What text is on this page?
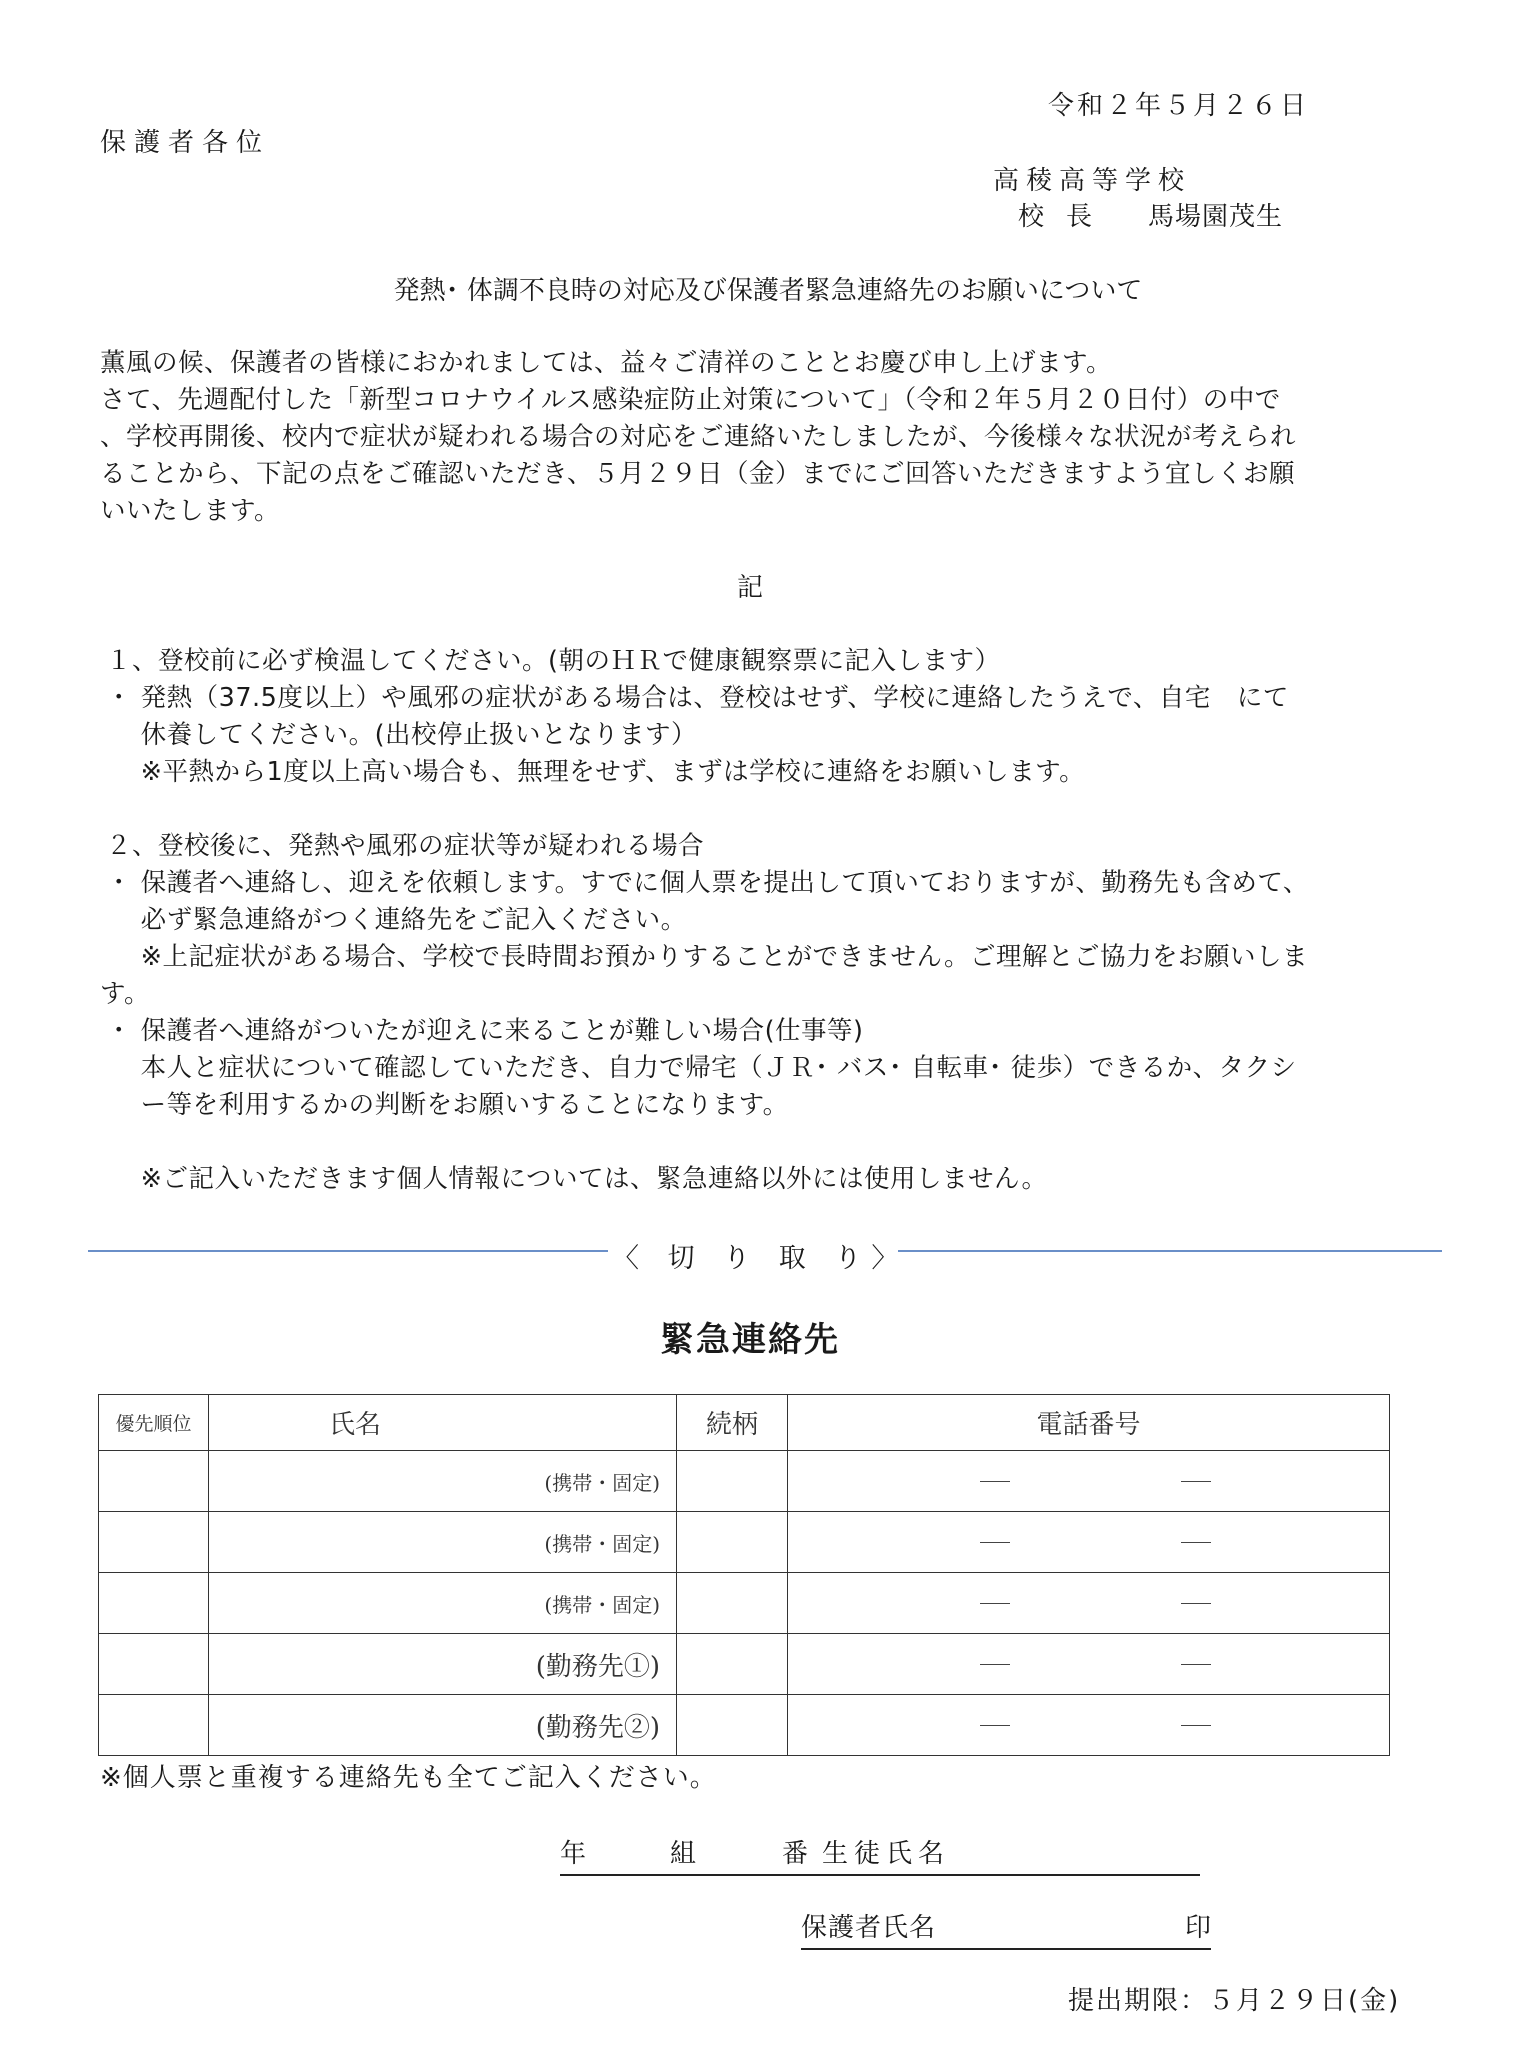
令和２年５月２６日
保護者各位
高稜高等学校
校長 馬場園茂生
発熱･ 体調不良時の対応及び保護者緊急連絡先のお願いについて
薫風の候、保護者の皆様におかれましては、益々ご清祥のこととお慶び申し上げます。
さて、先週配付した「新型コロナウイルス感染症防止対策について」（令和２年５月２０日付）の中で
、学校再開後、校内で症状が疑われる場合の対応をご連絡いたしましたが、今後様々な状況が考えられ
ることから、下記の点をご確認いただき、５月２９日（金）までにご回答いただきますよう宜しくお願
いいたします。
記
１、登校前に必ず検温してください。(朝のＨＲで健康観察票に記入します）
・ 発熱（37.5度以上）や風邪の症状がある場合は、登校はせず、学校に連絡したうえで、自宅　にて
　 休養してください。(出校停止扱いとなります）
　 ※平熱から1度以上高い場合も、無理をせず、まずは学校に連絡をお願いします。
２、登校後に、発熱や風邪の症状等が疑われる場合
・ 保護者へ連絡し、迎えを依頼します。すでに個人票を提出して頂いておりますが、勤務先も含めて、
　 必ず緊急連絡がつく連絡先をご記入ください。
　 ※上記症状がある場合、学校で長時間お預かりすることができません。ご理解とご協力をお願いしま
す。
・ 保護者へ連絡がついたが迎えに来ることが難しい場合(仕事等)
　 本人と症状について確認していただき、自力で帰宅（ＪＲ･ バス･ 自転車･ 徒歩）できるか、タクシ
　 ー等を利用するかの判断をお願いすることになります。
　 ※ご記入いただきます個人情報については、緊急連絡以外には使用しません。
〈 切 り 取 り〉
緊急連絡先
優先順位	氏名	続柄	電話番号
	(携帯・固定)		

	(携帯・固定)		

	(携帯・固定)		

	(勤務先①)		

	(勤務先②)		
※個人票と重複する連絡先も全てご記入ください。
年	組	番 生徒氏名
保護者氏名	印
提出期限：５月２９日(金)
